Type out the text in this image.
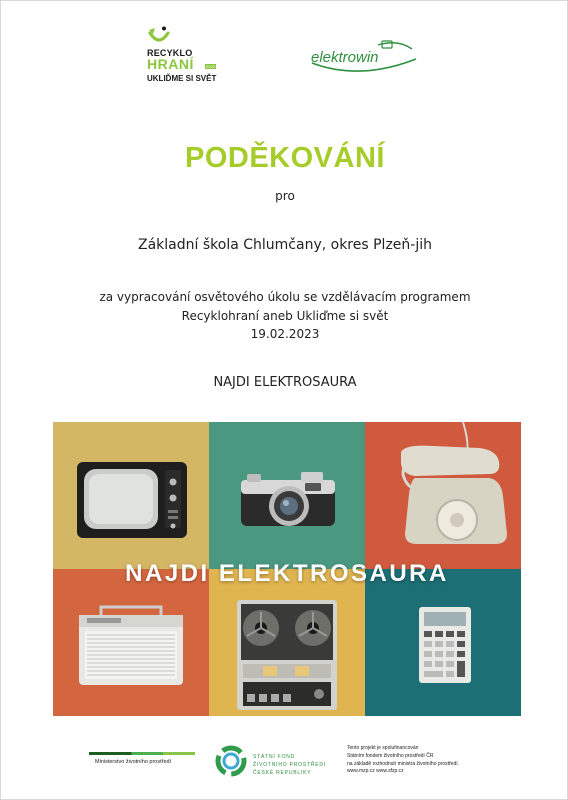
RECYKLO
HRANÍ	2023
UKLIĎME SI SVĚT
elektrowin
PODĚKOVÁNÍ
pro
Základní škola Chlumčany, okres Plzeň-jih
za vypracování osvětového úkolu se vzdělávacím programem
Recyklohraní aneb Ukliďme si svět
19.02.2023
NAJDI ELEKTROSAURA
NAJDI ELEKTROSAURA
Ministerstvo životního prostředí
STÁTNÍ FOND
ŽIVOTNÍHO PROSTŘEDÍ
ČESKÉ REPUBLIKY
Tento projekt je spolufinancován
Státním fondem životního prostředí ČR
na základě rozhodnutí ministra životního prostředí.
www.mzp.cz www.sfzp.cz
